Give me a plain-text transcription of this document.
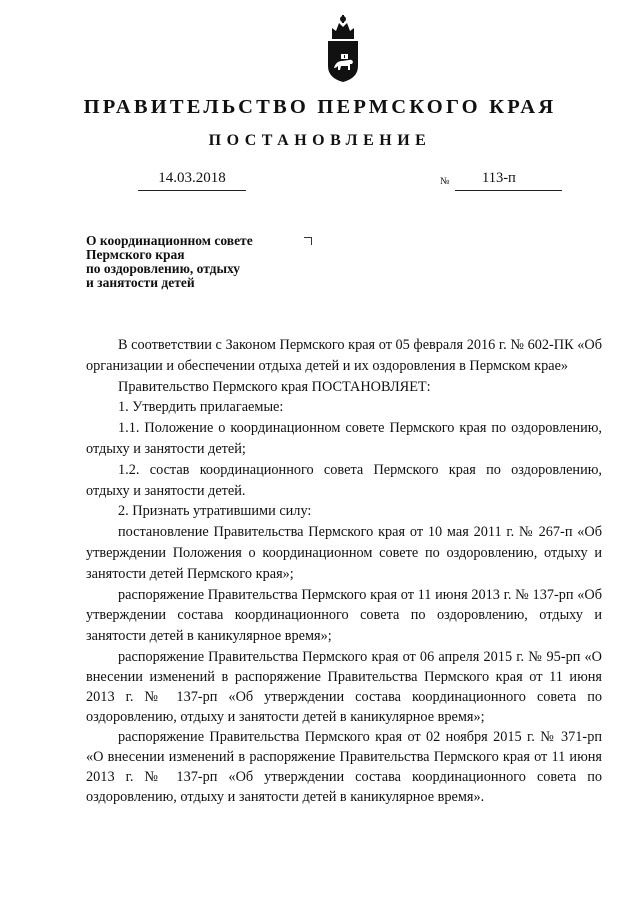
ПРАВИТЕЛЬСТВО ПЕРМСКОГО КРАЯ
ПОСТАНОВЛЕНИЕ
14.03.2018	№ 113-п
О координационном совете
Пермского края
по оздоровлению, отдыху
и занятости детей

В соответствии с Законом Пермского края от 05 февраля 2016 г. № 602-ПК «Об организации и обеспечении отдыха детей и их оздоровления в Пермском крае»

Правительство Пермского края ПОСТАНОВЛЯЕТ:

1. Утвердить прилагаемые:

1.1. Положение о координационном совете Пермского края по оздоровлению, отдыху и занятости детей;

1.2. состав координационного совета Пермского края по оздоровлению, отдыху и занятости детей.

2. Признать утратившими силу:

постановление Правительства Пермского края от 10 мая 2011 г. № 267-п «Об утверждении Положения о координационном совете по оздоровлению, отдыху и занятости детей Пермского края»;

распоряжение Правительства Пермского края от 11 июня 2013 г. № 137-рп «Об утверждении состава координационного совета по оздоровлению, отдыху и занятости детей в каникулярное время»;

распоряжение Правительства Пермского края от 06 апреля 2015 г. № 95-рп «О внесении изменений в распоряжение Правительства Пермского края от 11 июня 2013 г. № 137-рп «Об утверждении состава координационного совета по оздоровлению, отдыху и занятости детей в каникулярное время»;

распоряжение Правительства Пермского края от 02 ноября 2015 г. № 371-рп «О внесении изменений в распоряжение Правительства Пермского края от 11 июня 2013 г. № 137-рп «Об утверждении состава координационного совета по оздоровлению, отдыху и занятости детей в каникулярное время».
